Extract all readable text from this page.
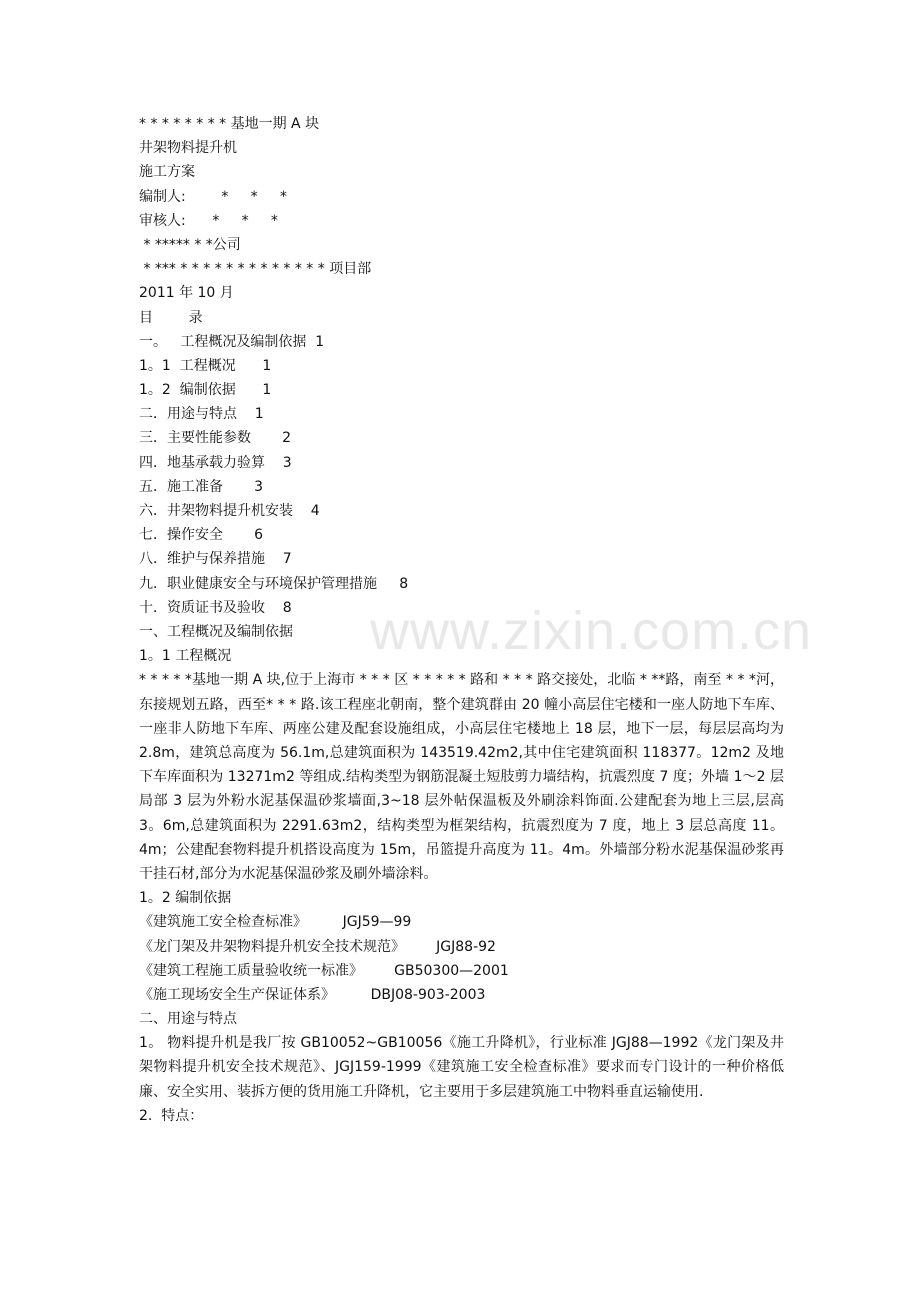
www.zixin.com.cn
* * * * * * * * 基地一期 A 块
井架物料提升机
施工方案
编制人:        *     *     *
审核人:      *     *     *
* ***** * *公司
* *** * * * * * * * * * * * * * 项目部
2011 年 10 月
目        录
一。   工程概况及编制依据  1
1。1  工程概况      1
1。2  编制依据      1
二．用途与特点    1
三．主要性能参数       2
四．地基承载力验算    3
五．施工准备       3
六．井架物料提升机安装    4
七．操作安全       6
八．维护与保养措施    7
九．职业健康安全与环境保护管理措施     8
十．资质证书及验收    8
一、工程概况及编制依据
1。1 工程概况
* * * * *基地一期 A 块,位于上海市 * * * 区 * * * * * 路和 * * * 路交接处，北临 * **路，南至 * * *河，东接规划五路，西至* * * 路.该工程座北朝南，整个建筑群由 20 幢小高层住宅楼和一座人防地下车库、一座非人防地下车库、两座公建及配套设施组成，小高层住宅楼地上 18 层，地下一层，每层层高均为 2.8m，建筑总高度为 56.1m,总建筑面积为 143519.42m2,其中住宅建筑面积 118377。12m2 及地下车库面积为 13271m2 等组成.结构类型为钢筋混凝土短肢剪力墙结构，抗震烈度 7 度；外墙 1～2 层局部 3 层为外粉水泥基保温砂浆墙面,3~18 层外帖保温板及外刷涂料饰面.公建配套为地上三层,层高 3。6m,总建筑面积为 2291.63m2，结构类型为框架结构，抗震烈度为 7 度，地上 3 层总高度 11。4m；公建配套物料提升机搭设高度为 15m，吊篮提升高度为 11。4m。外墙部分粉水泥基保温砂浆再干挂石材,部分为水泥基保温砂浆及刷外墙涂料。
1。2 编制依据
《建筑施工安全检查标准》        JGJ59—99
《龙门架及井架物料提升机安全技术规范》       JGJ88-92
《建筑工程施工质量验收统一标准》       GB50300—2001
《施工现场安全生产保证体系》        DBJ08-903-2003
二、用途与特点
1。 物料提升机是我厂按 GB10052~GB10056《施工升降机》，行业标准 JGJ88—1992《龙门架及井架物料提升机安全技术规范》、JGJ159-1999《建筑施工安全检查标准》要求而专门设计的一种价格低廉、安全实用、装拆方便的货用施工升降机，它主要用于多层建筑施工中物料垂直运输使用.
2.  特点：
